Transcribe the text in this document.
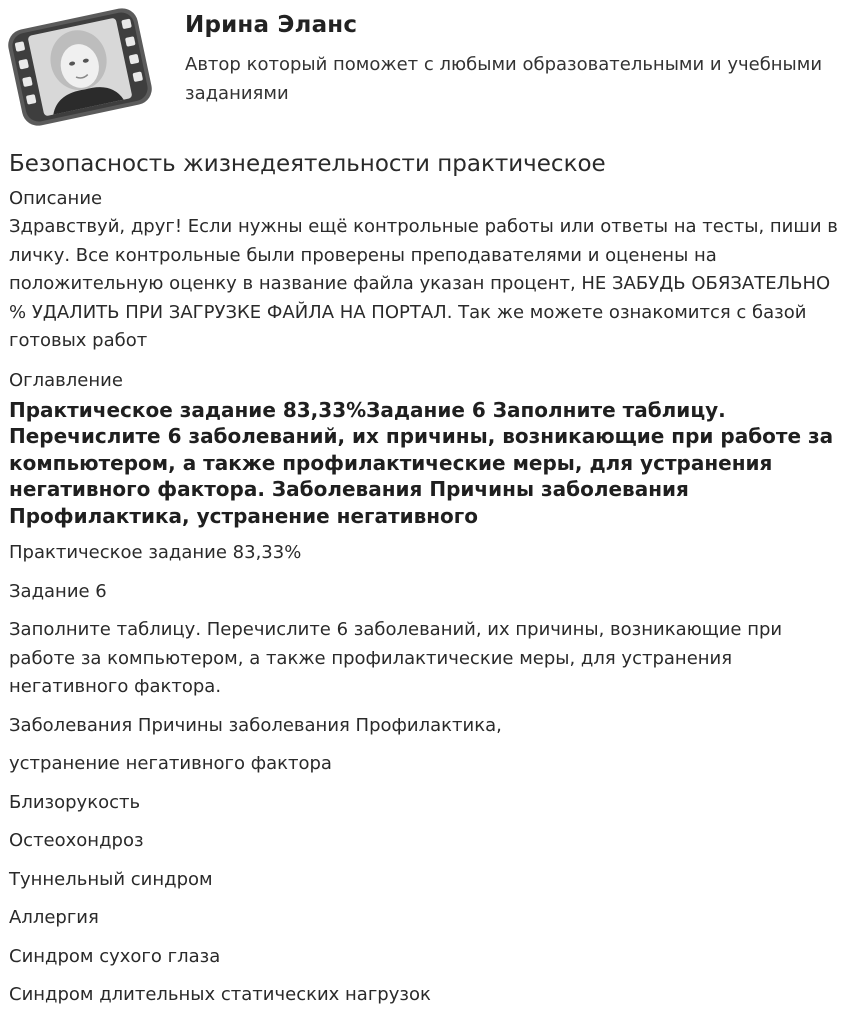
Ирина Эланс
Автор который поможет с любыми образовательными и учебными заданиями
Безопасность жизнедеятельности практическое

Описание

Здравствуй, друг! Если нужны ещё контрольные работы или ответы на тесты, пиши в личку. Все контрольные были проверены преподавателями и оценены на положительную оценку в название файла указан процент, НЕ ЗАБУДЬ ОБЯЗАТЕЛЬНО % УДАЛИТЬ ПРИ ЗАГРУЗКЕ ФАЙЛА НА ПОРТАЛ. Так же можете ознакомится с базой готовых работ

Оглавление

Практическое задание 83,33%Задание 6 Заполните таблицу. Перечислите 6 заболеваний, их причины, возникающие при работе за компьютером, а также профилактические меры, для устранения негативного фактора. Заболевания Причины заболевания Профилактика, устранение негативного

Практическое задание 83,33%

Задание 6

Заполните таблицу. Перечислите 6 заболеваний, их причины, возникающие при работе за компьютером, а также профилактические меры, для устранения негативного фактора.

Заболевания Причины заболевания Профилактика,

устранение негативного фактора

Близорукость

Остеохондроз

Туннельный синдром

Аллергия

Синдром сухого глаза

Синдром длительных статических нагрузок
